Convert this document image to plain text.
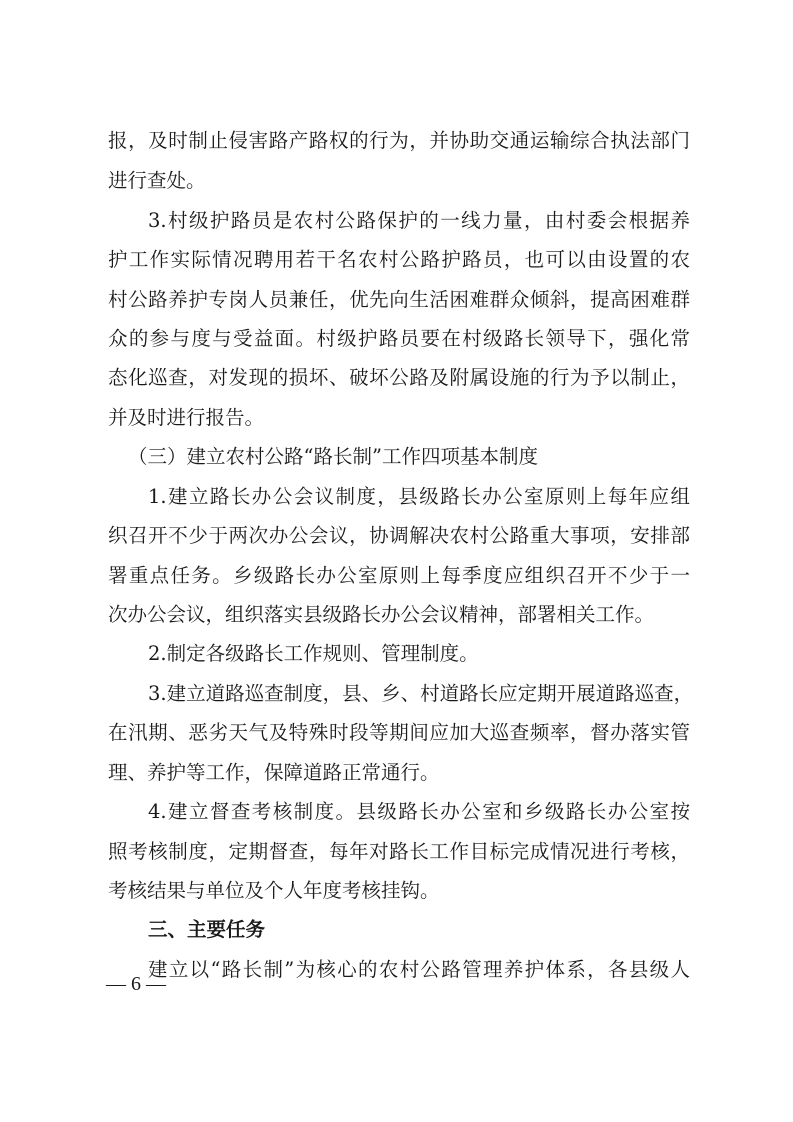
报，及时制止侵害路产路权的行为，并协助交通运输综合执法部门
进行查处。
3.村级护路员是农村公路保护的一线力量，由村委会根据养
护工作实际情况聘用若干名农村公路护路员，也可以由设置的农
村公路养护专岗人员兼任，优先向生活困难群众倾斜，提高困难群
众的参与度与受益面。村级护路员要在村级路长领导下，强化常
态化巡查，对发现的损坏、破坏公路及附属设施的行为予以制止，
并及时进行报告。
（三）建立农村公路“路长制”工作四项基本制度
1.建立路长办公会议制度，县级路长办公室原则上每年应组
织召开不少于两次办公会议，协调解决农村公路重大事项，安排部
署重点任务。乡级路长办公室原则上每季度应组织召开不少于一
次办公会议，组织落实县级路长办公会议精神，部署相关工作。
2.制定各级路长工作规则、管理制度。
3.建立道路巡查制度，县、乡、村道路长应定期开展道路巡查，
在汛期、恶劣天气及特殊时段等期间应加大巡查频率，督办落实管
理、养护等工作，保障道路正常通行。
4.建立督查考核制度。县级路长办公室和乡级路长办公室按
照考核制度，定期督查，每年对路长工作目标完成情况进行考核，
考核结果与单位及个人年度考核挂钩。
三、主要任务
建立以“路长制”为核心的农村公路管理养护体系，各县级人
— 6 —
